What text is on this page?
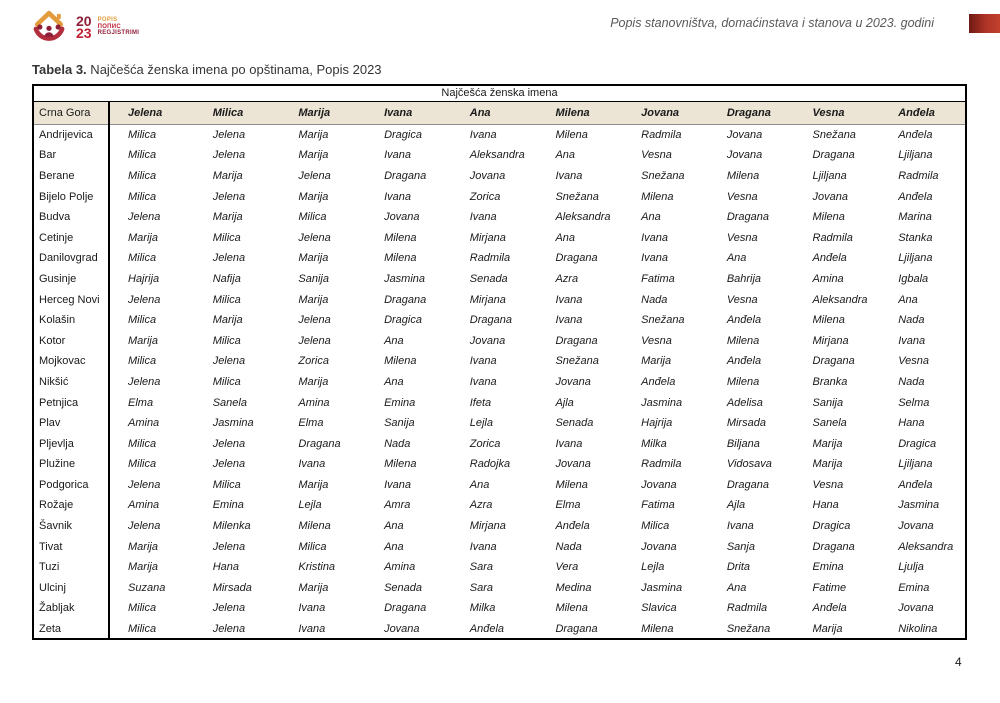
20
23
POPIS
ПОПИС
REGJISTRIMI
Popis stanovništva, domaćinstava i stanova u 2023. godini
Tabela 3. Najčešća ženska imena po opštinama, Popis 2023
Najčešća ženska imena										
Crna Gora	Jelena	Milica	Marija	Ivana	Ana	Milena	Jovana	Dragana	Vesna	Anđela
Andrijevica	Milica	Jelena	Marija	Dragica	Ivana	Milena	Radmila	Jovana	Snežana	Anđela
Bar	Milica	Jelena	Marija	Ivana	Aleksandra	Ana	Vesna	Jovana	Dragana	Ljiljana
Berane	Milica	Marija	Jelena	Dragana	Jovana	Ivana	Snežana	Milena	Ljiljana	Radmila
Bijelo Polje	Milica	Jelena	Marija	Ivana	Zorica	Snežana	Milena	Vesna	Jovana	Anđela
Budva	Jelena	Marija	Milica	Jovana	Ivana	Aleksandra	Ana	Dragana	Milena	Marina
Cetinje	Marija	Milica	Jelena	Milena	Mirjana	Ana	Ivana	Vesna	Radmila	Stanka
Danilovgrad	Milica	Jelena	Marija	Milena	Radmila	Dragana	Ivana	Ana	Anđela	Ljiljana
Gusinje	Hajrija	Nafija	Sanija	Jasmina	Senada	Azra	Fatima	Bahrija	Amina	Igbala
Herceg Novi	Jelena	Milica	Marija	Dragana	Mirjana	Ivana	Nada	Vesna	Aleksandra	Ana
Kolašin	Milica	Marija	Jelena	Dragica	Dragana	Ivana	Snežana	Anđela	Milena	Nada
Kotor	Marija	Milica	Jelena	Ana	Jovana	Dragana	Vesna	Milena	Mirjana	Ivana
Mojkovac	Milica	Jelena	Zorica	Milena	Ivana	Snežana	Marija	Anđela	Dragana	Vesna
Nikšić	Jelena	Milica	Marija	Ana	Ivana	Jovana	Anđela	Milena	Branka	Nada
Petnjica	Elma	Sanela	Amina	Emina	Ifeta	Ajla	Jasmina	Adelisa	Sanija	Selma
Plav	Amina	Jasmina	Elma	Sanija	Lejla	Senada	Hajrija	Mirsada	Sanela	Hana
Pljevlja	Milica	Jelena	Dragana	Nada	Zorica	Ivana	Milka	Biljana	Marija	Dragica
Plužine	Milica	Jelena	Ivana	Milena	Radojka	Jovana	Radmila	Vidosava	Marija	Ljiljana
Podgorica	Jelena	Milica	Marija	Ivana	Ana	Milena	Jovana	Dragana	Vesna	Anđela
Rožaje	Amina	Emina	Lejla	Amra	Azra	Elma	Fatima	Ajla	Hana	Jasmina
Šavnik	Jelena	Milenka	Milena	Ana	Mirjana	Anđela	Milica	Ivana	Dragica	Jovana
Tivat	Marija	Jelena	Milica	Ana	Ivana	Nada	Jovana	Sanja	Dragana	Aleksandra
Tuzi	Marija	Hana	Kristina	Amina	Sara	Vera	Lejla	Drita	Emina	Ljulja
Ulcinj	Suzana	Mirsada	Marija	Senada	Sara	Medina	Jasmina	Ana	Fatime	Emina
Žabljak	Milica	Jelena	Ivana	Dragana	Milka	Milena	Slavica	Radmila	Anđela	Jovana
Zeta	Milica	Jelena	Ivana	Jovana	Anđela	Dragana	Milena	Snežana	Marija	Nikolina
4
